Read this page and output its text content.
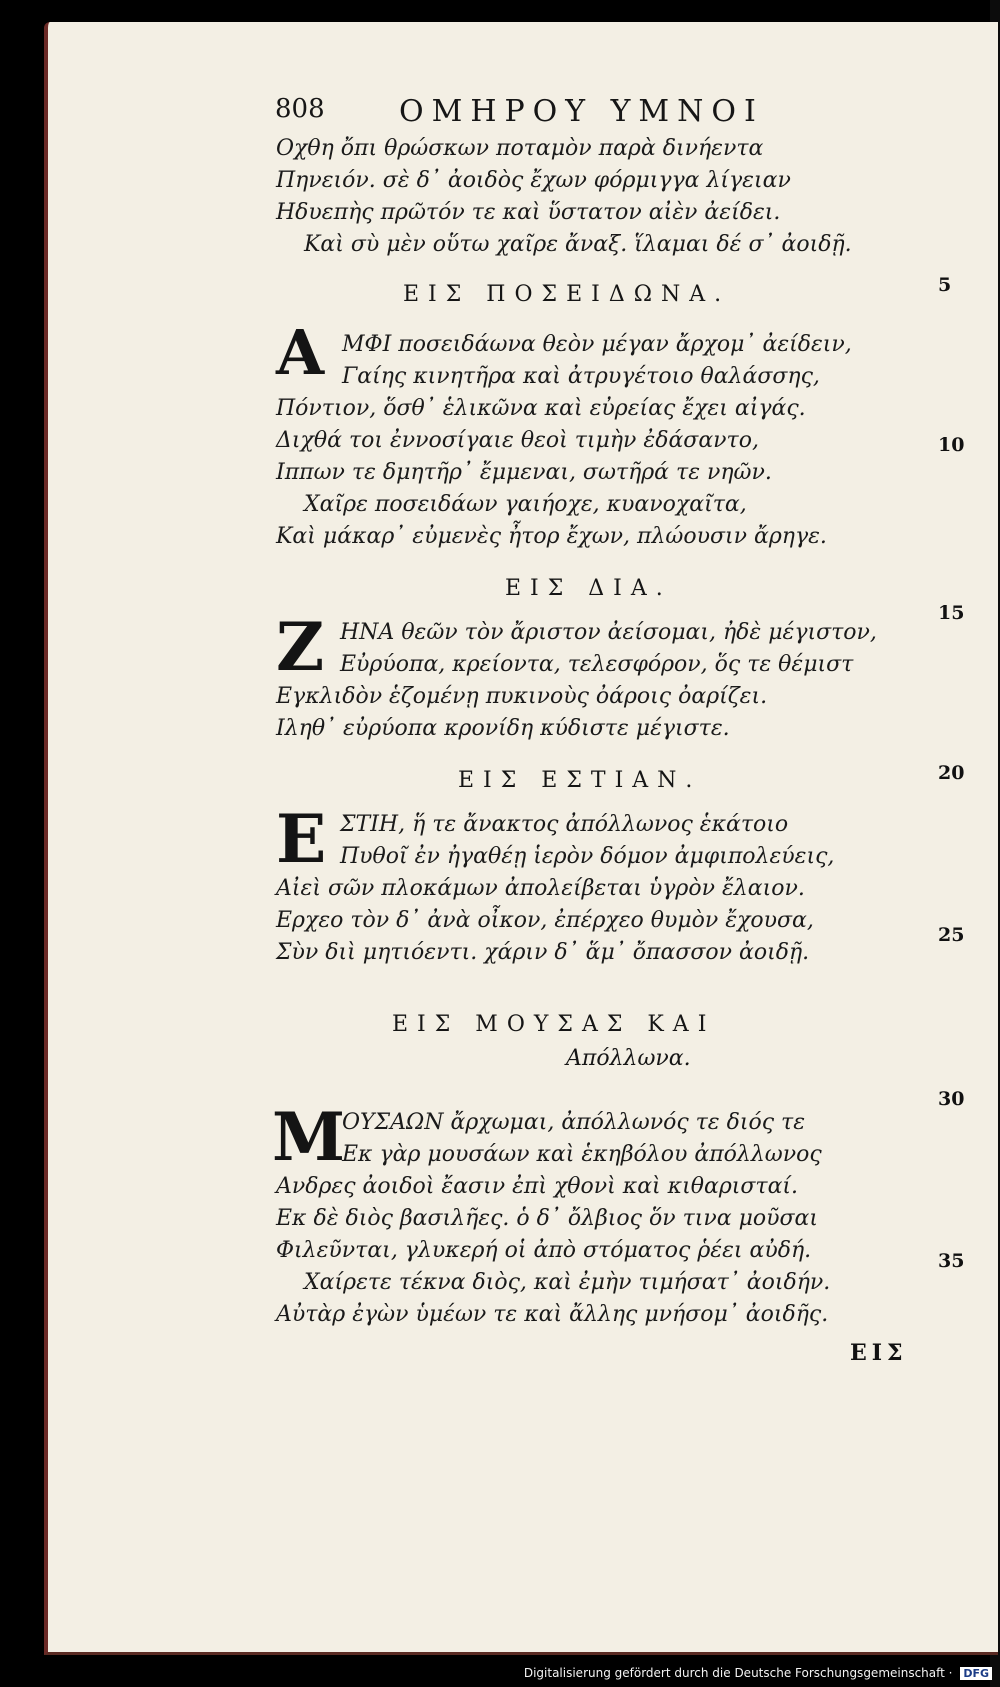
808 ΟΜΗΡΟΥ ΥΜΝΟΙ
Οχθη ὄπι θρώσκων ποταμὸν παρὰ δινήεντα
Πηνειόν. σὲ δ᾽ ἀοιδὸς ἔχων φόρμιγγα λίγειαν
Ηδυεπὴς πρῶτόν τε καὶ ὕστατον αἰὲν ἀείδει.
Καὶ σὺ μὲν οὕτω χαῖρε ἄναξ. ἵλαμαι δέ σ᾽ ἀοιδῇ.
ΕΙΣ ΠΟΣΕΙΔΩΝΑ.
A ΜΦΙ ποσειδάωνα θεὸν μέγαν ἄρχομ᾽ ἀείδειν,
Γαίης κινητῆρα καὶ ἀτρυγέτοιο θαλάσσης,
Πόντιον, ὅσθ᾽ ἑλικῶνα καὶ εὐρείας ἔχει αἰγάς.
Διχθά τοι ἐννοσίγαιε θεοὶ τιμὴν ἐδάσαντο,
Ιππων τε δμητῆρ᾽ ἔμμεναι, σωτῆρά τε νηῶν.
Χαῖρε ποσειδάων γαιήοχε, κυανοχαῖτα,
Καὶ μάκαρ᾽ εὐμενὲς ἦτορ ἔχων, πλώουσιν ἄρηγε.
ΕΙΣ ΔΙΑ.
Z ΗΝΑ θεῶν τὸν ἄριστον ἀείσομαι, ἠδὲ μέγιστον,
Εὐρύοπα, κρείοντα, τελεσφόρον, ὅς τε θέμιστ
Εγκλιδὸν ἑζομένῃ πυκινοὺς ὀάροις ὀαρίζει.
Ιληθ᾽ εὐρύοπα κρονίδη κύδιστε μέγιστε.
ΕΙΣ ΕΣΤΙΑΝ.
E ΣΤΙΗ, ἥ τε ἄνακτος ἀπόλλωνος ἑκάτοιο
Πυθοῖ ἐν ἠγαθέῃ ἱερὸν δόμον ἀμφιπολεύεις,
Αἰεὶ σῶν πλοκάμων ἀπολείβεται ὑγρὸν ἔλαιον.
Ερχεο τὸν δ᾽ ἀνὰ οἶκον, ἐπέρχεο θυμὸν ἔχουσα,
Σὺν διὶ μητιόεντι. χάριν δ᾽ ἅμ᾽ ὄπασσον ἀοιδῇ.
ΕΙΣ ΜΟΥΣΑΣ ΚΑΙ
Απόλλωνα.
M
ΟΥΣΑΩΝ ἄρχωμαι, ἀπόλλωνός τε διός τε
Εκ γὰρ μουσάων καὶ ἑκηβόλου ἀπόλλωνος
Ανδρες ἀοιδοὶ ἔασιν ἐπὶ χθονὶ καὶ κιθαρισταί.
Εκ δὲ διὸς βασιλῆες. ὁ δ᾽ ὄλβιος ὅν τινα μοῦσαι
Φιλεῦνται, γλυκερή οἱ ἀπὸ στόματος ῥέει αὐδή.
Χαίρετε τέκνα διὸς, καὶ ἐμὴν τιμήσατ᾽ ἀοιδήν.
Αὐτὰρ ἐγὼν ὑμέων τε καὶ ἄλλης μνήσομ᾽ ἀοιδῆς.
5
10
15
20
25
30
35
ΕΙΣ
Digitalisierung gefördert durch die Deutsche Forschungsgemeinschaft · DFG
